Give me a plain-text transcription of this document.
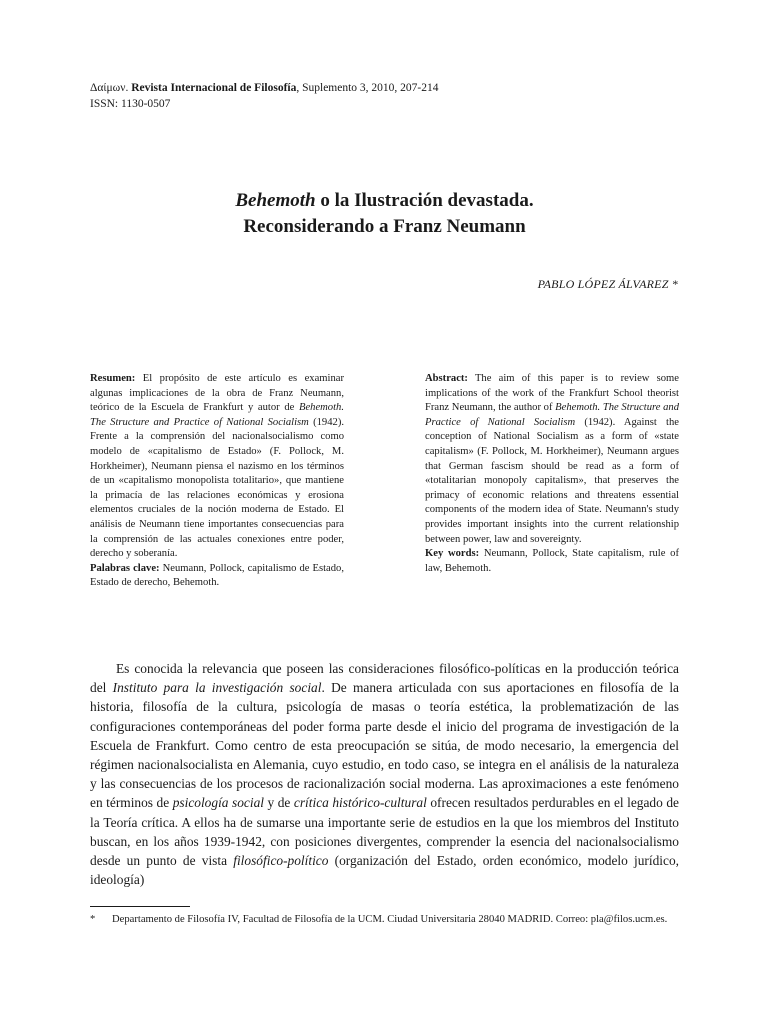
Δαίμων. Revista Internacional de Filosofía, Suplemento 3, 2010, 207-214
ISSN: 1130-0507
Behemoth o la Ilustración devastada.
Reconsiderando a Franz Neumann
PABLO LÓPEZ ÁLVAREZ *

Resumen: El propósito de este artículo es examinar algunas implicaciones de la obra de Franz Neumann, teórico de la Escuela de Frankfurt y autor de Behemoth. The Structure and Practice of National Socialism (1942). Frente a la comprensión del nacionalsocialismo como modelo de «capitalismo de Estado» (F. Pollock, M. Horkheimer), Neumann piensa el nazismo en los términos de un «capitalismo monopolista totalitario», que mantiene la primacía de las relaciones económicas y erosiona elementos cruciales de la noción moderna de Estado. El análisis de Neumann tiene importantes consecuencias para la comprensión de las actuales conexiones entre poder, derecho y soberanía.

Palabras clave: Neumann, Pollock, capitalismo de Estado, Estado de derecho, Behemoth.

Abstract: The aim of this paper is to review some implications of the work of the Frankfurt School theorist Franz Neumann, the author of Behemoth. The Structure and Practice of National Socialism (1942). Against the conception of National Socialism as a form of «state capitalism» (F. Pollock, M. Horkheimer), Neumann argues that German fascism should be read as a form of «totalitarian monopoly capitalism», that preserves the primacy of economic relations and threatens essential components of the modern idea of State. Neumann's study provides important insights into the current relationship between power, law and sovereignty.

Key words: Neumann, Pollock, State capitalism, rule of law, Behemoth.

Es conocida la relevancia que poseen las consideraciones filosófico-políticas en la producción teórica del Instituto para la investigación social. De manera articulada con sus aportaciones en filosofía de la historia, filosofía de la cultura, psicología de masas o teoría estética, la problematización de las configuraciones contemporáneas del poder forma parte desde el inicio del programa de investigación de la Escuela de Frankfurt. Como centro de esta preocupación se sitúa, de modo necesario, la emergencia del régimen nacionalsocialista en Alemania, cuyo estudio, en todo caso, se integra en el análisis de la naturaleza y las consecuencias de los procesos de racionalización social moderna. Las aproximaciones a este fenómeno en términos de psicología social y de crítica histórico-cultural ofrecen resultados perdurables en el legado de la Teoría crítica. A ellos ha de sumarse una importante serie de estudios en la que los miembros del Instituto buscan, en los años 1939-1942, con posiciones divergentes, comprender la esencia del nacionalsocialismo desde un punto de vista filosófico-político (organización del Estado, orden económico, modelo jurídico, ideología)

* Departamento de Filosofía IV, Facultad de Filosofía de la UCM. Ciudad Universitaria 28040 MADRID. Correo: pla@filos.ucm.es.
